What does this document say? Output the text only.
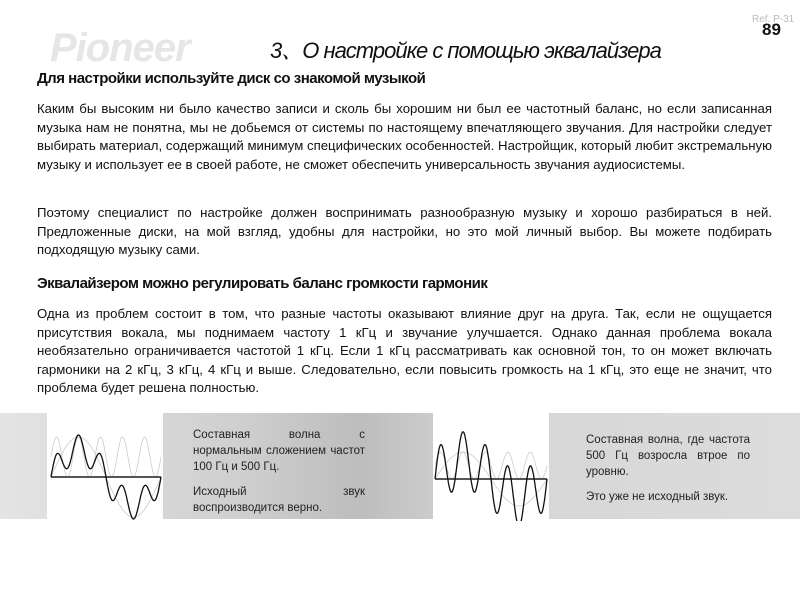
Pioneer	3、О настройке с помощью эквалайзера
Ref. P-31
89
Для настройки используйте диск со знакомой музыкой

Каким бы высоким ни было качество записи и сколь бы хорошим ни был ее частотный баланс, но если записанная музыка нам не понятна, мы не добьемся от системы по настоящему впечатляющего звучания. Для настройки следует выбирать материал, содержащий минимум специфических особенностей. Настройщик, который любит экстремальную музыку и использует ее в своей работе, не сможет обеспечить универсальность звучания аудиосистемы.

Поэтому специалист по настройке должен воспринимать разнообразную музыку и хорошо разбираться в ней. Предложенные диски, на мой взгляд, удобны для настройки, но это мой личный выбор. Вы можете подбирать подходящую музыку сами.

Эквалайзером можно регулировать баланс громкости гармоник

Одна из проблем состоит в том, что разные частоты оказывают влияние друг на друга. Так, если не ощущается присутствия вокала, мы поднимаем частоту 1 кГц и звучание улучшается. Однако данная проблема вокала необязательно ограничивается частотой 1 кГц. Если 1 кГц рассматривать как основной тон, то он может включать гармоники на 2 кГц, 3 кГц, 4 кГц и выше. Следовательно, если повысить громкость на 1 кГц, это еще не значит, что проблема будет решена полностью.

Составная волна с нормальным сложением частот 100 Гц и 500 Гц.

Исходный звук воспроизводится верно.

Составная волна, где частота 500 Гц возросла втрое по уровню.

Это уже не исходный звук.
